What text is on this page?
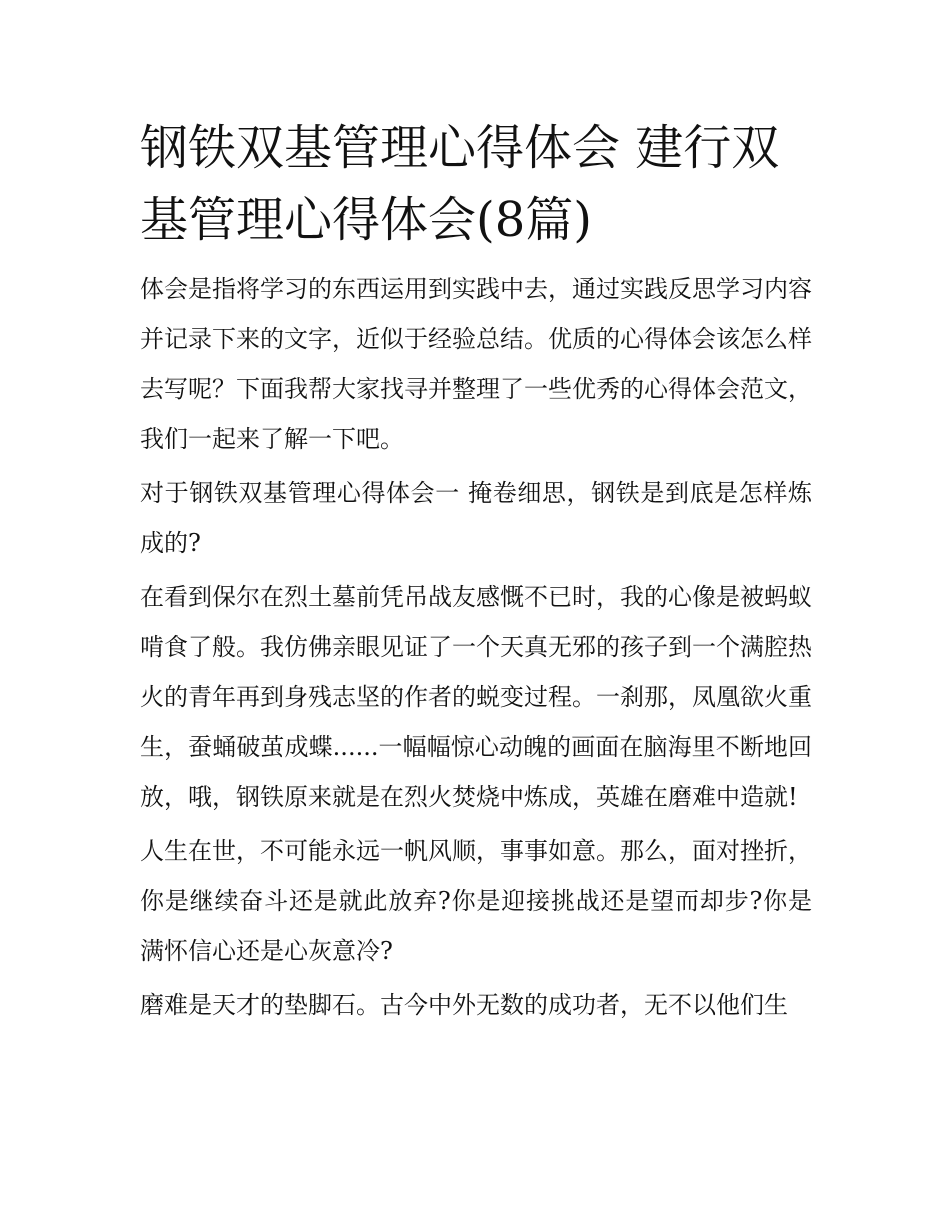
钢铁双基管理心得体会 建行双基管理心得体会(8篇)

体会是指将学习的东西运用到实践中去，通过实践反思学习内容并记录下来的文字，近似于经验总结。优质的心得体会该怎么样去写呢？下面我帮大家找寻并整理了一些优秀的心得体会范文，我们一起来了解一下吧。

对于钢铁双基管理心得体会一 掩卷细思，钢铁是到底是怎样炼成的?

在看到保尔在烈土墓前凭吊战友感慨不已时，我的心像是被蚂蚁啃食了般。我仿佛亲眼见证了一个天真无邪的孩子到一个满腔热火的青年再到身残志坚的作者的蜕变过程。一刹那，凤凰欲火重生，蚕蛹破茧成蝶......一幅幅惊心动魄的画面在脑海里不断地回放，哦，钢铁原来就是在烈火焚烧中炼成，英雄在磨难中造就!

人生在世，不可能永远一帆风顺，事事如意。那么，面对挫折，你是继续奋斗还是就此放弃?你是迎接挑战还是望而却步?你是满怀信心还是心灰意冷?

磨难是天才的垫脚石。古今中外无数的成功者，无不以他们生
